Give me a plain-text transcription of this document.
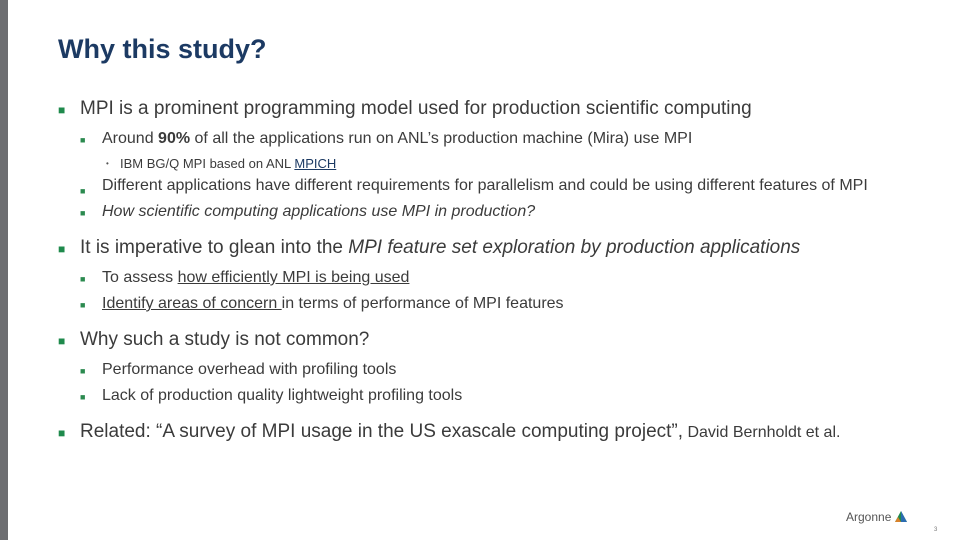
Why this study?
■ MPI is a prominent programming model used for production scientific computing
■ Around 90% of all the applications run on ANL’s production machine (Mira) use MPI
• IBM BG/Q MPI based on ANL MPICH
■ Different applications have different requirements for parallelism and could be using different features of MPI
■ How scientific computing applications use MPI in production?
■ It is imperative to glean into the MPI feature set exploration by production applications
■ To assess how efficiently MPI is being used
■ Identify areas of concern in terms of performance of MPI features
■ Why such a study is not common?
■ Performance overhead with profiling tools
■ Lack of production quality lightweight profiling tools
■ Related: “A survey of MPI usage in the US exascale computing project”, David Bernholdt et al.
Argonne
3
